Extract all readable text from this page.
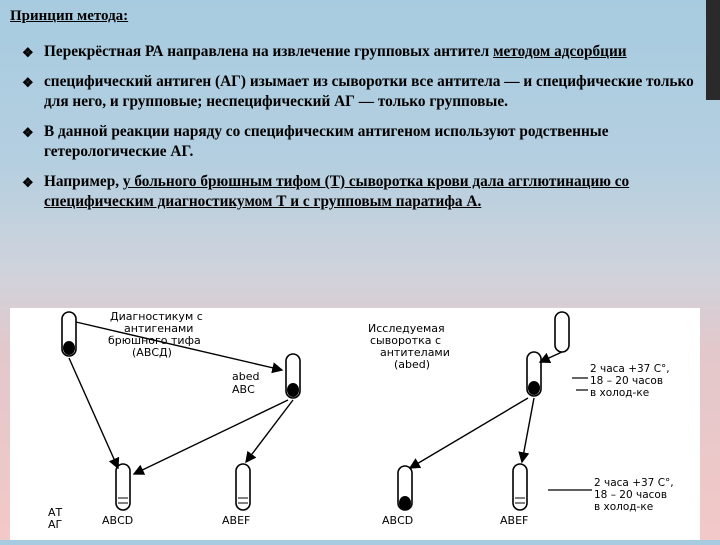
Принцип метода:
❖ Перекрёстная РА направлена на извлечение групповых антител методом адсорбции
❖ специфический антиген (АГ) изымает из сыворотки все антитела — и специфические только для него, и групповые; неспецифический АГ — только групповые.
❖ В данной реакции наряду со специфическим антигеном используют родственные гетерологические АГ.
❖ Например, у больного брюшным тифом (Т) сыворотка крови дала агглютинацию со специфическим диагностикумом Т и с групповым паратифа А.
Диагностикум с антигенами брюшного тифа (АВСД)
abed АВС
Исследуемая сыворотка с антителами (abed)	2 часа +37 С°, 18 – 20 часов в холод-ке
2 часа +37 С°, 18 – 20 часов в холод-ке
АТ АГ	АВСD	АВЕF	АВСD	АВЕF
